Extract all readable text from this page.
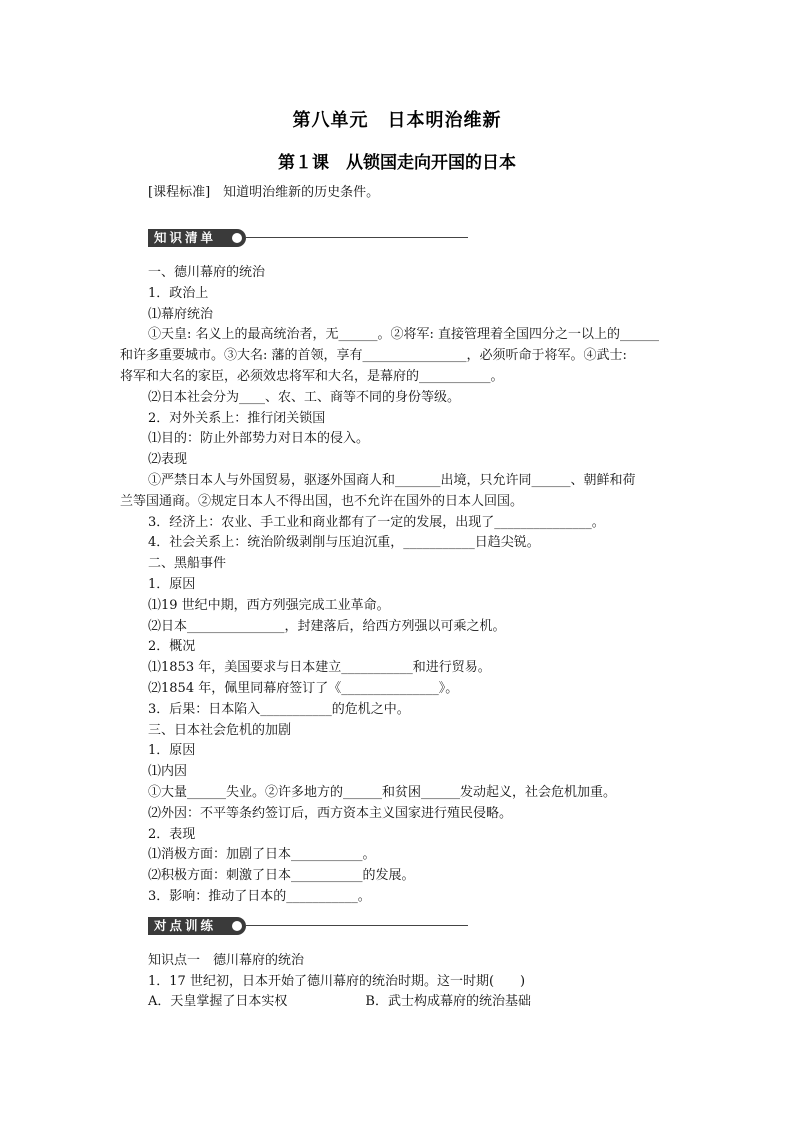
第八单元　日本明治维新
第１课　从锁国走向开国的日本
[课程标准]　知道明治维新的历史条件。
知识清单
一、德川幕府的统治
1．政治上
⑴幕府统治
①天皇: 名义上的最高统治者，无______。②将军: 直接管理着全国四分之一以上的______
和许多重要城市。③大名: 藩的首领，享有________________，必须听命于将军。④武士:
将军和大名的家臣，必须效忠将军和大名，是幕府的___________。
⑵日本社会分为____、农、工、商等不同的身份等级。
2．对外关系上：推行闭关锁国
⑴目的：防止外部势力对日本的侵入。
⑵表现
①严禁日本人与外国贸易，驱逐外国商人和_______出境，只允许同______、朝鲜和荷
兰等国通商。②规定日本人不得出国，也不允许在国外的日本人回国。
3．经济上：农业、手工业和商业都有了一定的发展，出现了_______________。
4．社会关系上：统治阶级剥削与压迫沉重，___________日趋尖锐。
二、黑船事件
1．原因
⑴19 世纪中期，西方列强完成工业革命。
⑵日本_______________，封建落后，给西方列强以可乘之机。
2．概况
⑴1853 年，美国要求与日本建立___________和进行贸易。
⑵1854 年，佩里同幕府签订了《_______________》。
3．后果：日本陷入___________的危机之中。
三、日本社会危机的加剧
1．原因
⑴内因
①大量______失业。②许多地方的______和贫困______发动起义，社会危机加重。
⑵外因：不平等条约签订后，西方资本主义国家进行殖民侵略。
2．表现
⑴消极方面：加剧了日本___________。
⑵积极方面：刺激了日本___________的发展。
3．影响：推动了日本的___________。
对点训练
知识点一　德川幕府的统治
1．17 世纪初，日本开始了德川幕府的统治时期。这一时期(　　)
A．天皇掌握了日本实权　　　　　　B．武士构成幕府的统治基础
